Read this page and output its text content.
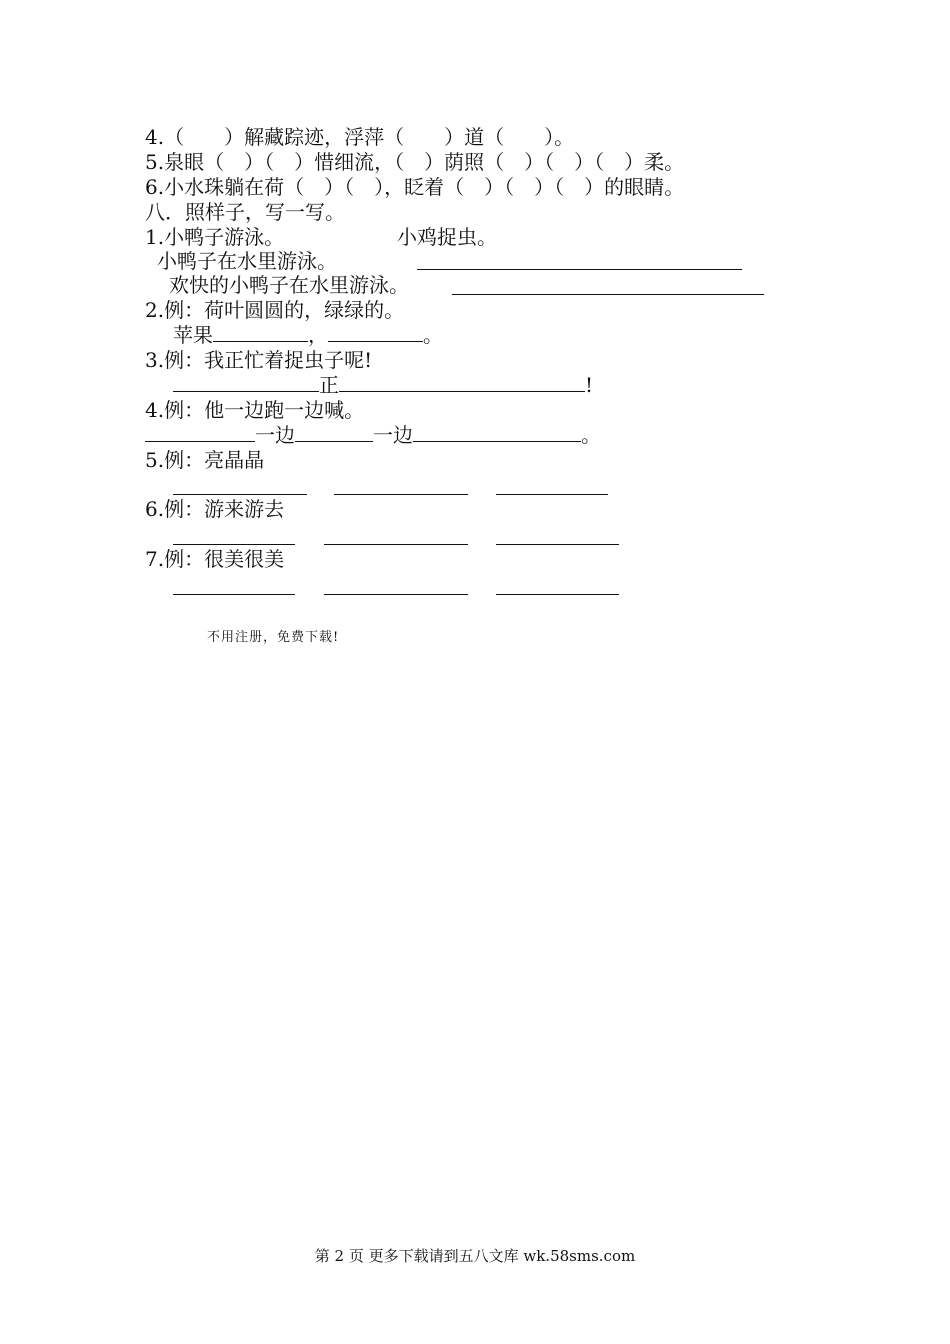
4.（　　）解藏踪迹，浮萍（　　）道（　　）。
5.泉眼（　）（　）惜细流，（　）荫照（　）（　）（　）柔。
6.小水珠躺在荷（　）（　），眨着（　）（　）（　）的眼睛。
八．照样子，写一写。
1.小鸭子游泳。	小鸡捉虫。
小鸭子在水里游泳。
欢快的小鸭子在水里游泳。
2.例：荷叶圆圆的，绿绿的。
苹果	，	。
3.例：我正忙着捉虫子呢!
正	!
4.例：他一边跑一边喊。
一边	一边	。
5.例：亮晶晶
6.例：游来游去
7.例：很美很美
不用注册，免费下载!
第 2 页 更多下载请到五八文库 wk.58sms.com
